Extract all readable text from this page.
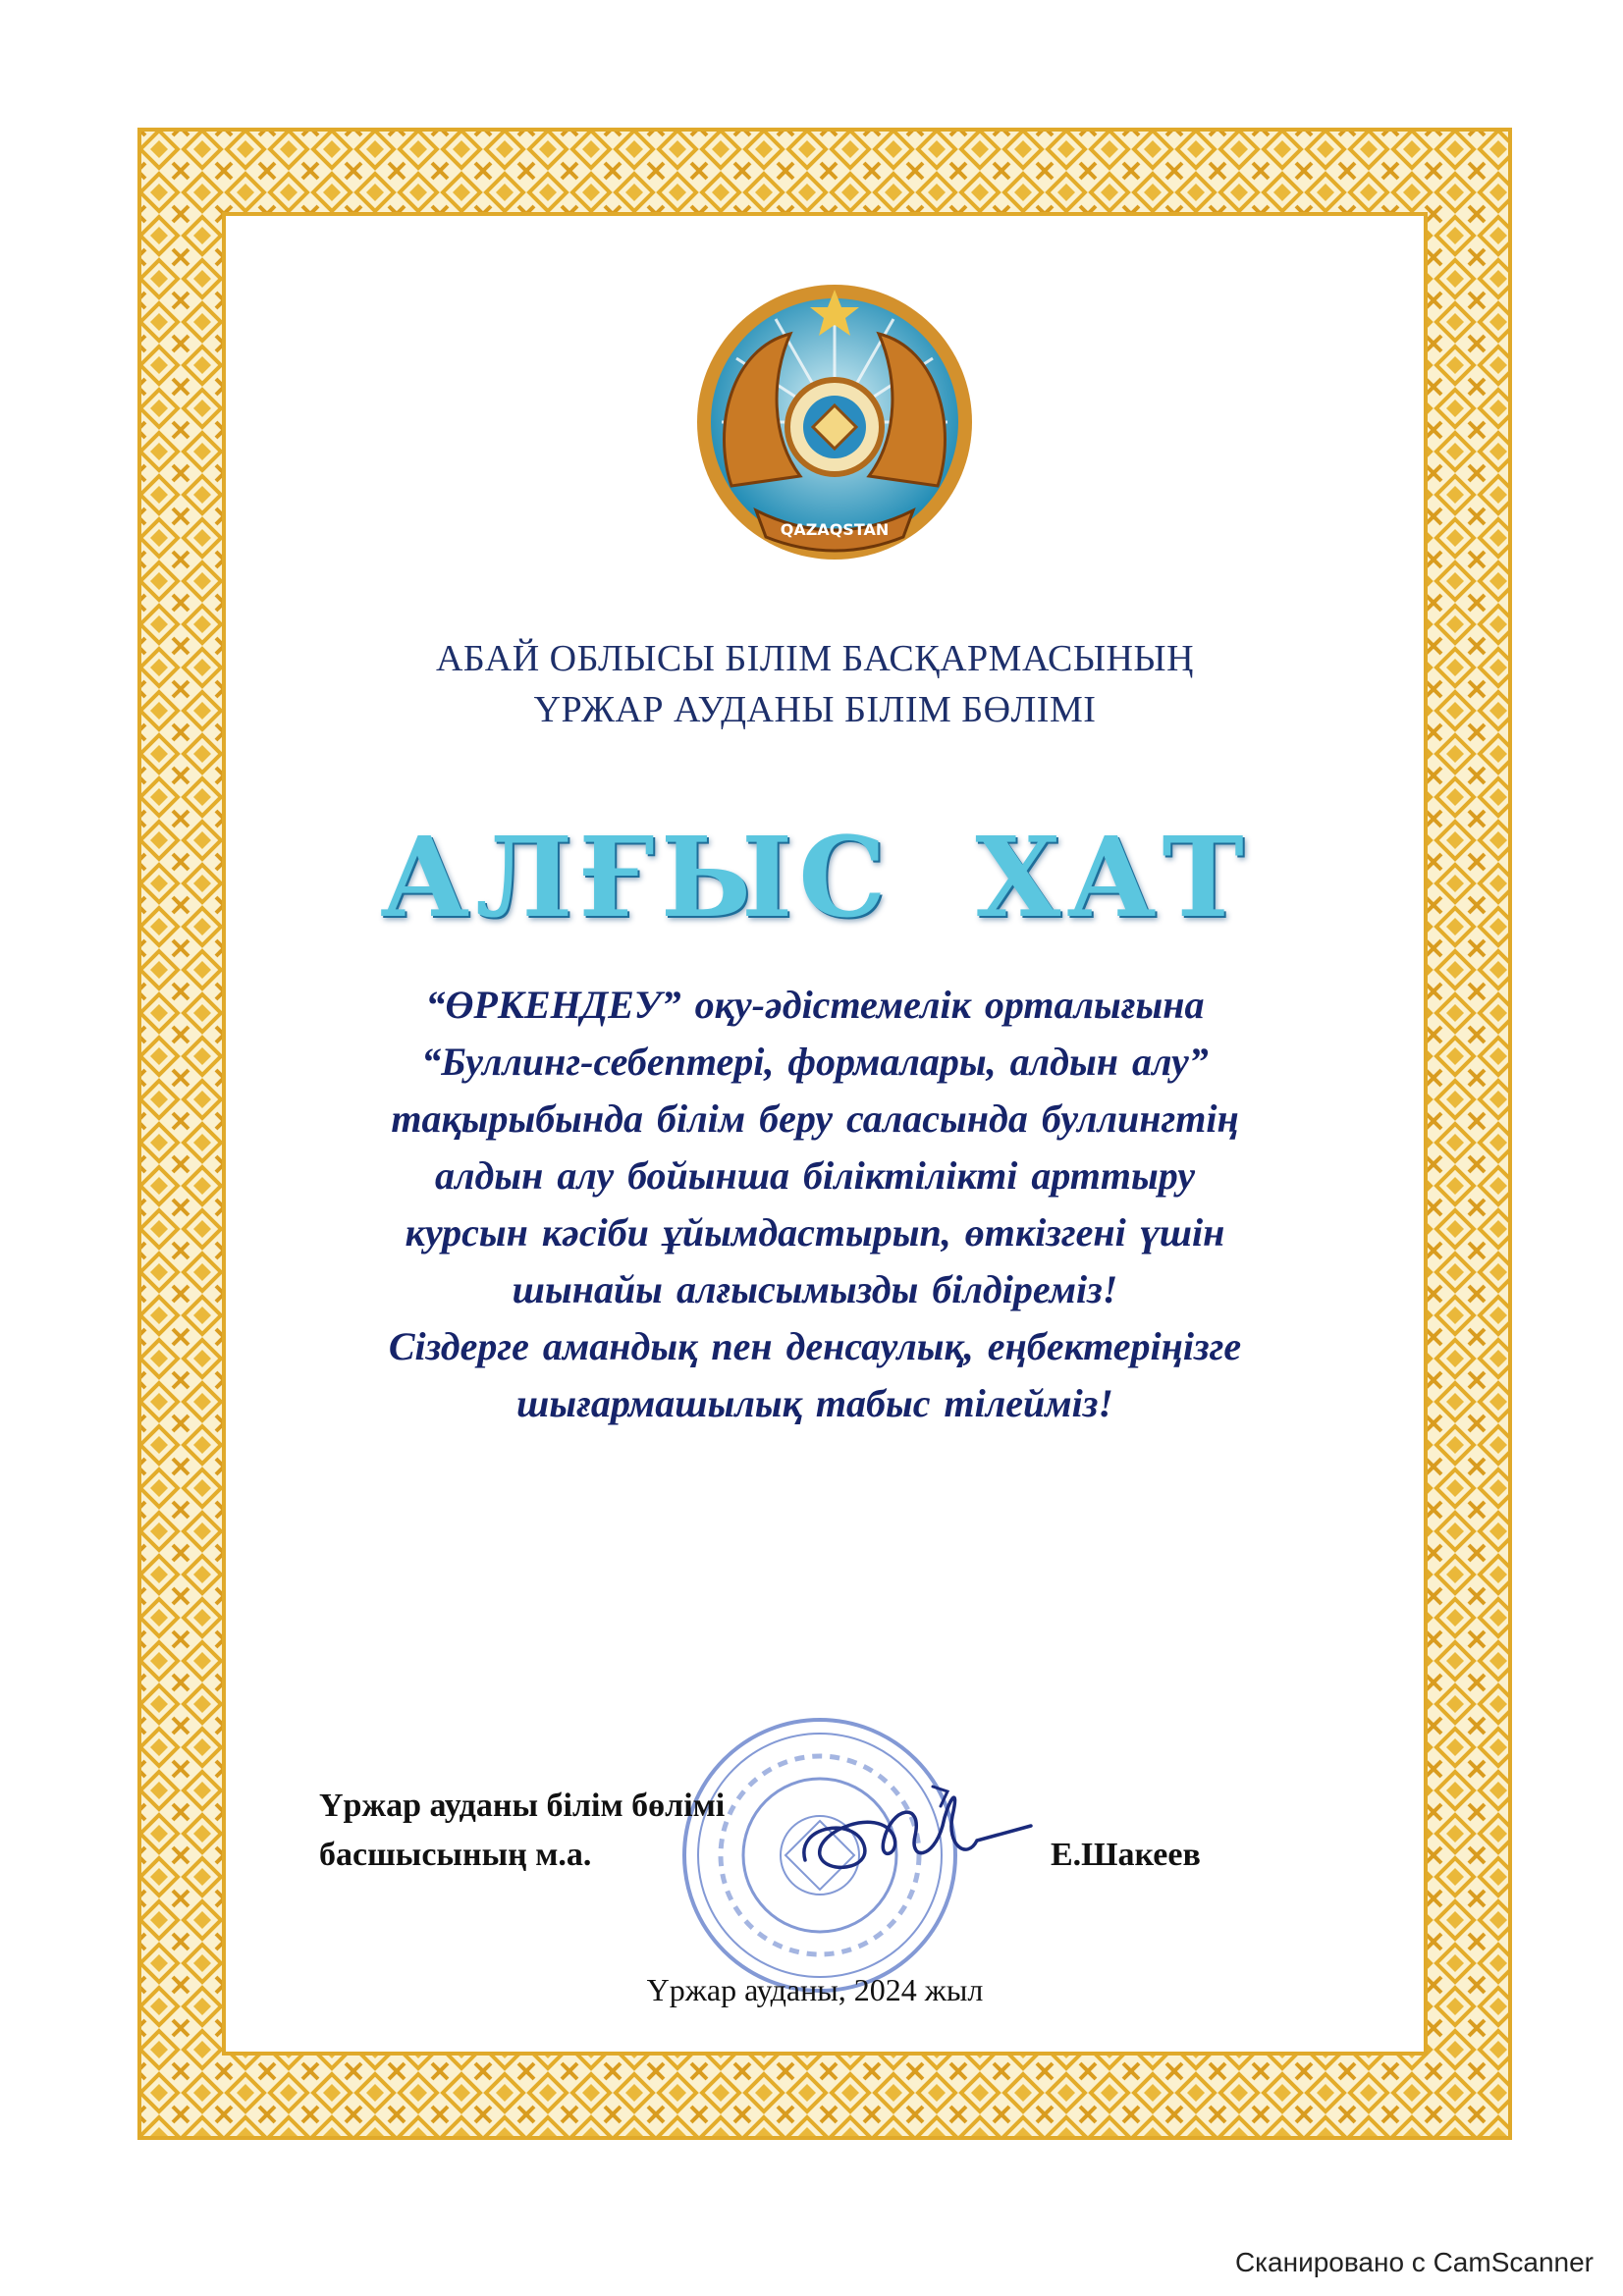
QAZAQSTAN
АБАЙ ОБЛЫСЫ БІЛІМ БАСҚАРМАСЫНЫҢ
ҮРЖАР АУДАНЫ БІЛІМ БӨЛІМІ
АЛҒЫС ХАТ
“ӨРКЕНДЕУ” оқу-әдістемелік орталығына
“Буллинг-себептері, формалары, алдын алу”
тақырыбында білім беру саласында буллингтің
алдын алу бойынша біліктілікті арттыру
курсын кәсіби ұйымдастырып, өткізгені үшін
шынайы алғысымызды білдіреміз!
Сіздерге амандық пен денсаулық, еңбектеріңізге
шығармашылық табыс тілейміз!
Үржар ауданы білім бөлімі
басшысының м.а.	Е.Шакеев
Үржар ауданы, 2024 жыл
Сканировано с CamScanner
